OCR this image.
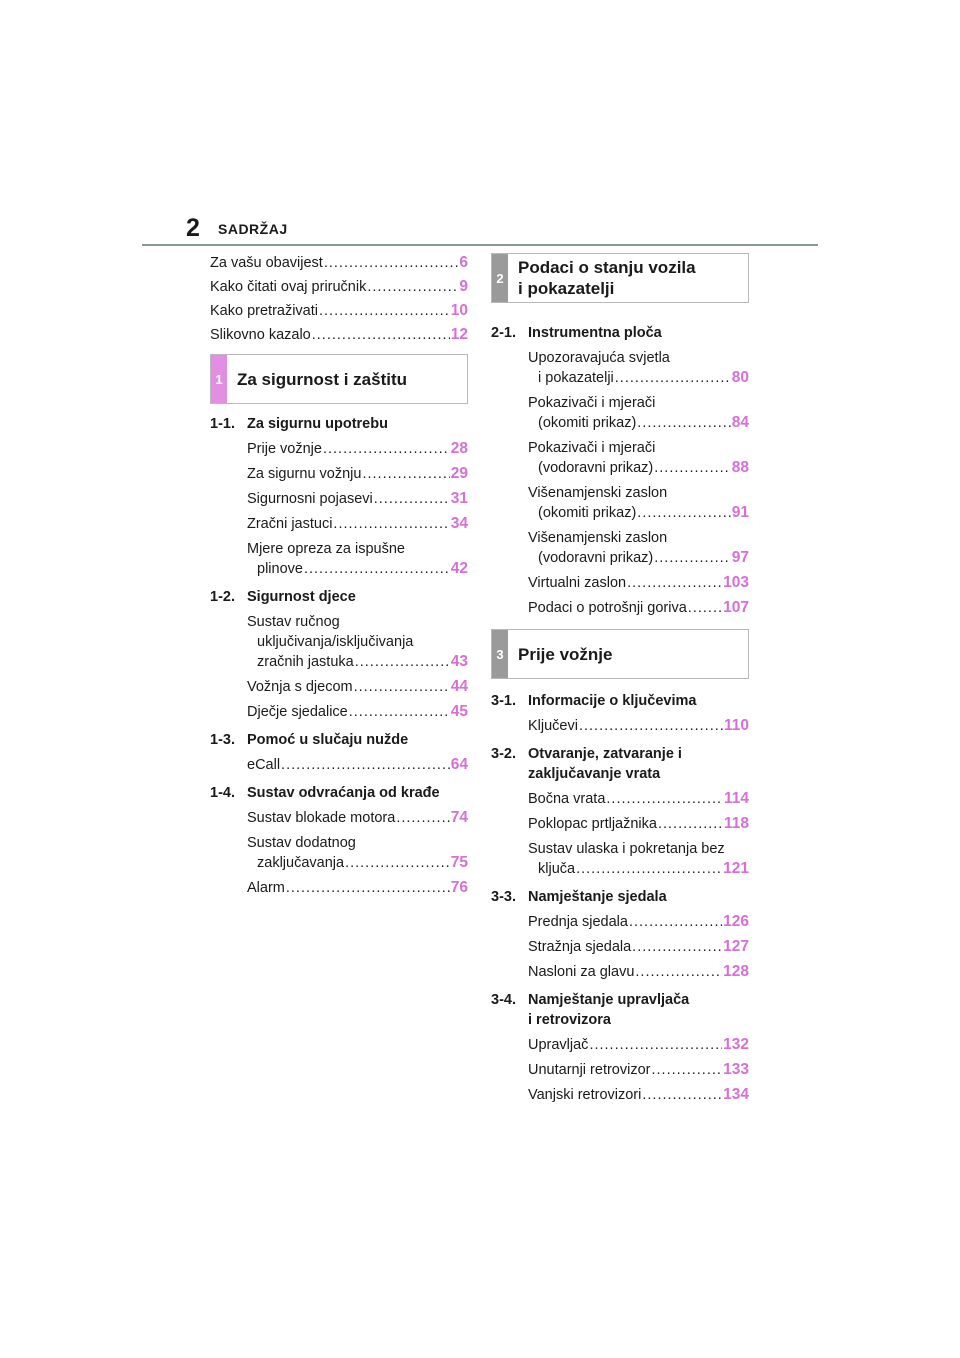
2 SADRŽAJ
Za vašu obavijest .....	6
Kako čitati ovaj priručnik .....	9
Kako pretraživati .....	10
Slikovno kazalo .....	12
1 Za sigurnost i zaštitu
1-1. Za sigurnu upotrebu
Prije vožnje .....	28
Za sigurnu vožnju .....	29
Sigurnosni pojasevi .....	31
Zračni jastuci .....	34
Mjere opreza za ispušne
plinove .....	42
1-2. Sigurnost djece
Sustav ručnog
uključivanja/isključivanja
zračnih jastuka .....	43
Vožnja s djecom .....	44
Dječje sjedalice .....	45
1-3. Pomoć u slučaju nužde
eCall .....	64
1-4. Sustav odvraćanja od krađe
Sustav blokade motora .....	74
Sustav dodatnog
zaključavanja .....	75
Alarm .....	76
2
Podaci o stanju vozila
i pokazatelji
2-1. Instrumentna ploča
Upozoravajuća svjetla
i pokazatelji .....	80
Pokazivači i mjerači
(okomiti prikaz) .....	84
Pokazivači i mjerači
(vodoravni prikaz) .....	88
Višenamjenski zaslon
(okomiti prikaz) .....	91
Višenamjenski zaslon
(vodoravni prikaz) .....	97
Virtualni zaslon .....	103
Podaci o potrošnji goriva ..... 107
3 Prije vožnje
3-1. Informacije o ključevima
Ključevi .....	110
3-2. Otvaranje, zatvaranje i
zaključavanje vrata
Bočna vrata .....	114
Poklopac prtljažnika .....	118
Sustav ulaska i pokretanja bez
ključa .....	121
3-3. Namještanje sjedala
Prednja sjedala .....	126
Stražnja sjedala .....	127
Nasloni za glavu .....	128
3-4. Namještanje upravljača
i retrovizora
Upravljač .....	132
Unutarnji retrovizor .....	133
Vanjski retrovizori .....	134
